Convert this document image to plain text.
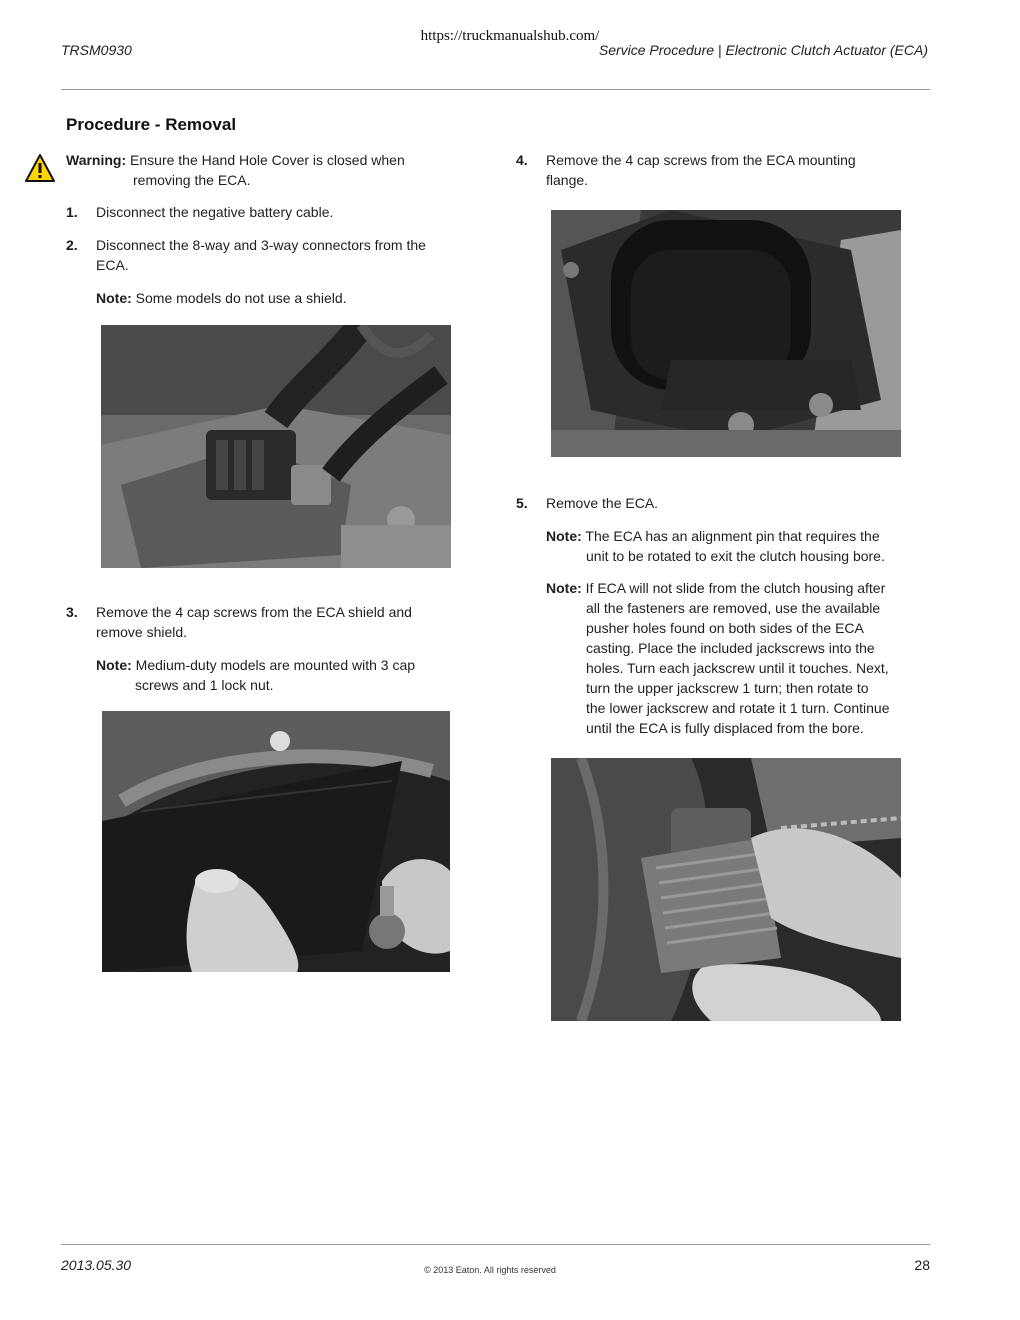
https://truckmanualshub.com/
TRSM0930	Service Procedure | Electronic Clutch Actuator (ECA)
Procedure - Removal
Warning: Ensure the Hand Hole Cover is closed when
removing the ECA.
1. Disconnect the negative battery cable.
2. Disconnect the 8-way and 3-way connectors from the
ECA.
Note: Some models do not use a shield.
3. Remove the 4 cap screws from the ECA shield and
remove shield.
Note: Medium-duty models are mounted with 3 cap
screws and 1 lock nut.
4. Remove the 4 cap screws from the ECA mounting
flange.
5. Remove the ECA.
Note: The ECA has an alignment pin that requires the
unit to be rotated to exit the clutch housing bore.
Note: If ECA will not slide from the clutch housing after
all the fasteners are removed, use the available
pusher holes found on both sides of the ECA
casting. Place the included jackscrews into the
holes. Turn each jackscrew until it touches. Next,
turn the upper jackscrew 1 turn; then rotate to
the lower jackscrew and rotate it 1 turn. Continue
until the ECA is fully displaced from the bore.
2013.05.30	© 2013 Eaton. All rights reserved	28
